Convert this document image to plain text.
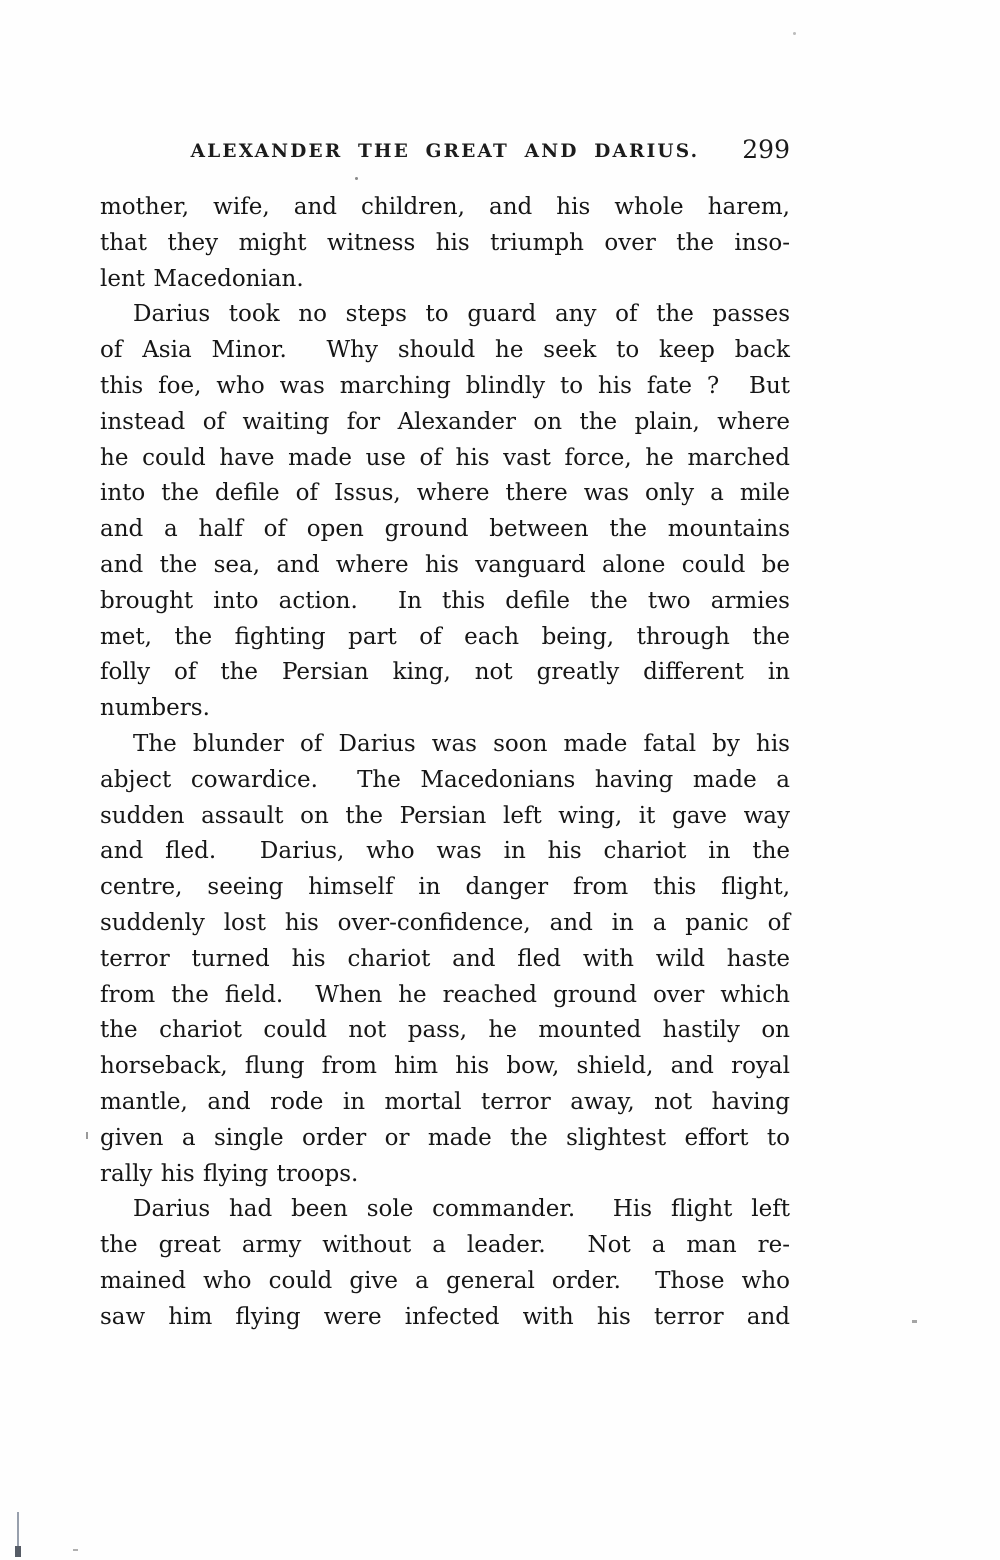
ALEXANDER THE GREAT AND DARIUS.	299
mother, wife, and children, and his whole harem,
that they might witness his triumph over the inso-
lent Macedonian.
Darius took no steps to guard any of the passes
of Asia Minor.  Why should he seek to keep back
this foe, who was marching blindly to his fate ?  But
instead of waiting for Alexander on the plain, where
he could have made use of his vast force, he marched
into the defile of Issus, where there was only a mile
and a half of open ground between the mountains
and the sea, and where his vanguard alone could be
brought into action.  In this defile the two armies
met, the fighting part of each being, through the
folly of the Persian king, not greatly different in
numbers.
The blunder of Darius was soon made fatal by his
abject cowardice.  The Macedonians having made a
sudden assault on the Persian left wing, it gave way
and fled.  Darius, who was in his chariot in the
centre, seeing himself in danger from this flight,
suddenly lost his over-confidence, and in a panic of
terror turned his chariot and fled with wild haste
from the field.  When he reached ground over which
the chariot could not pass, he mounted hastily on
horseback, flung from him his bow, shield, and royal
mantle, and rode in mortal terror away, not having
given a single order or made the slightest effort to
rally his flying troops.
Darius had been sole commander.  His flight left
the great army without a leader.  Not a man re-
mained who could give a general order.  Those who
saw him flying were infected with his terror and
